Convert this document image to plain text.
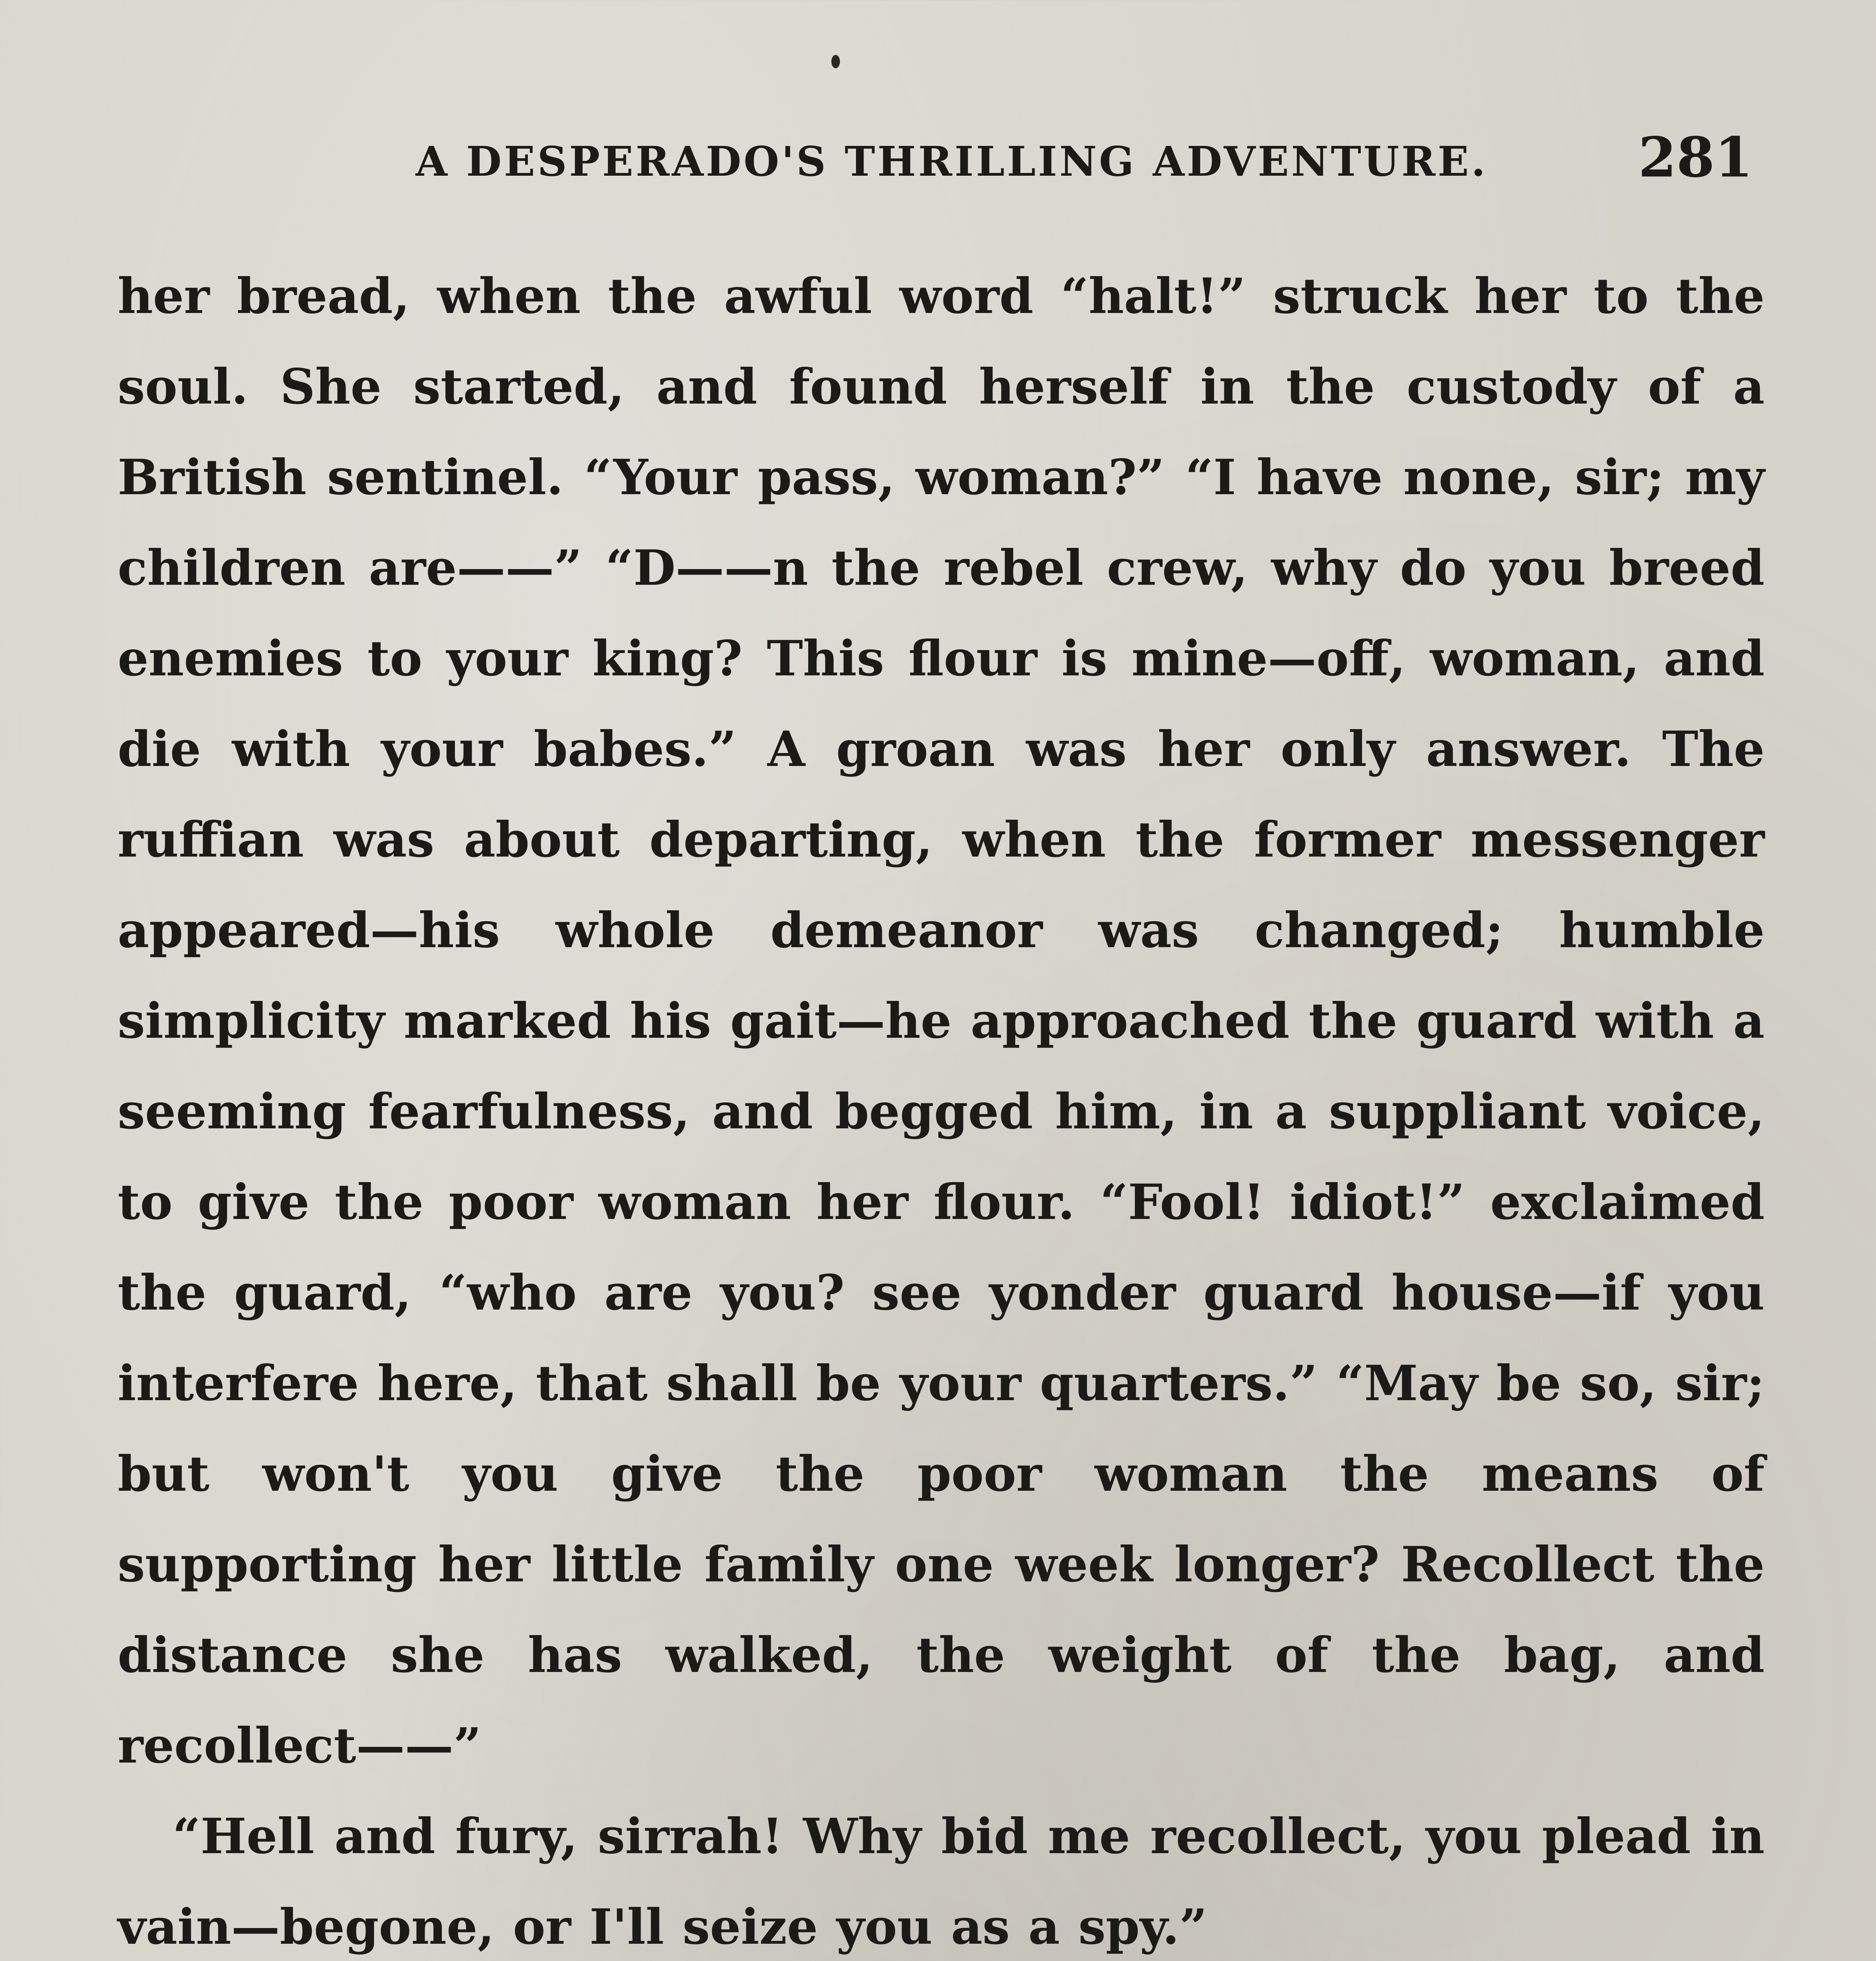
A DESPERADO'S THRILLING ADVENTURE.	281

her bread, when the awful word “halt!” struck her to the soul. She started, and found herself in the custody of a British sentinel. “Your pass, woman?” “I have none, sir; my children are——” “D——n the rebel crew, why do you breed enemies to your king? This flour is mine—off, woman, and die with your babes.” A groan was her only answer. The ruffian was about departing, when the former messenger appeared—his whole demeanor was changed; humble simplicity marked his gait—he approached the guard with a seeming fearfulness, and begged him, in a suppliant voice, to give the poor woman her flour. “Fool! idiot!” exclaimed the guard, “who are you? see yonder guard house—if you interfere here, that shall be your quarters.” “May be so, sir; but won't you give the poor woman the means of supporting her little family one week longer? Recollect the distance she has walked, the weight of the bag, and recollect——”

“Hell and fury, sirrah! Why bid me recollect, you plead in vain—begone, or I'll seize you as a spy.”
